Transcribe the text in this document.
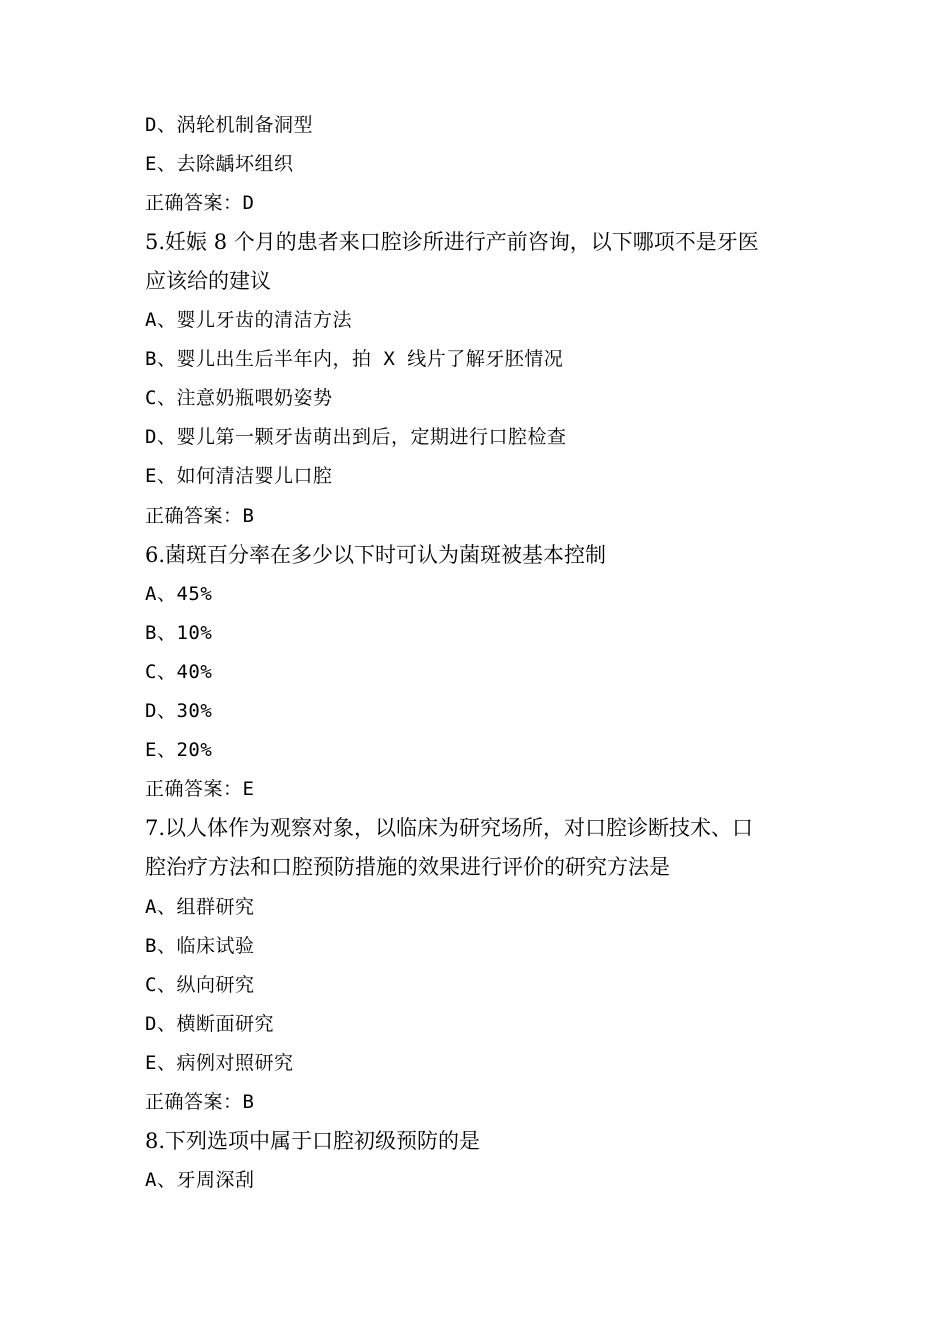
D、涡轮机制备洞型
E、去除龋坏组织
正确答案：D
5.妊娠 8 个月的患者来口腔诊所进行产前咨询，以下哪项不是牙医
应该给的建议
A、婴儿牙齿的清洁方法
B、婴儿出生后半年内，拍 X 线片了解牙胚情况
C、注意奶瓶喂奶姿势
D、婴儿第一颗牙齿萌出到后，定期进行口腔检查
E、如何清洁婴儿口腔
正确答案：B
6.菌斑百分率在多少以下时可认为菌斑被基本控制
A、45%
B、10%
C、40%
D、30%
E、20%
正确答案：E
7.以人体作为观察对象，以临床为研究场所，对口腔诊断技术、口
腔治疗方法和口腔预防措施的效果进行评价的研究方法是
A、组群研究
B、临床试验
C、纵向研究
D、横断面研究
E、病例对照研究
正确答案：B
8.下列选项中属于口腔初级预防的是
A、牙周深刮
